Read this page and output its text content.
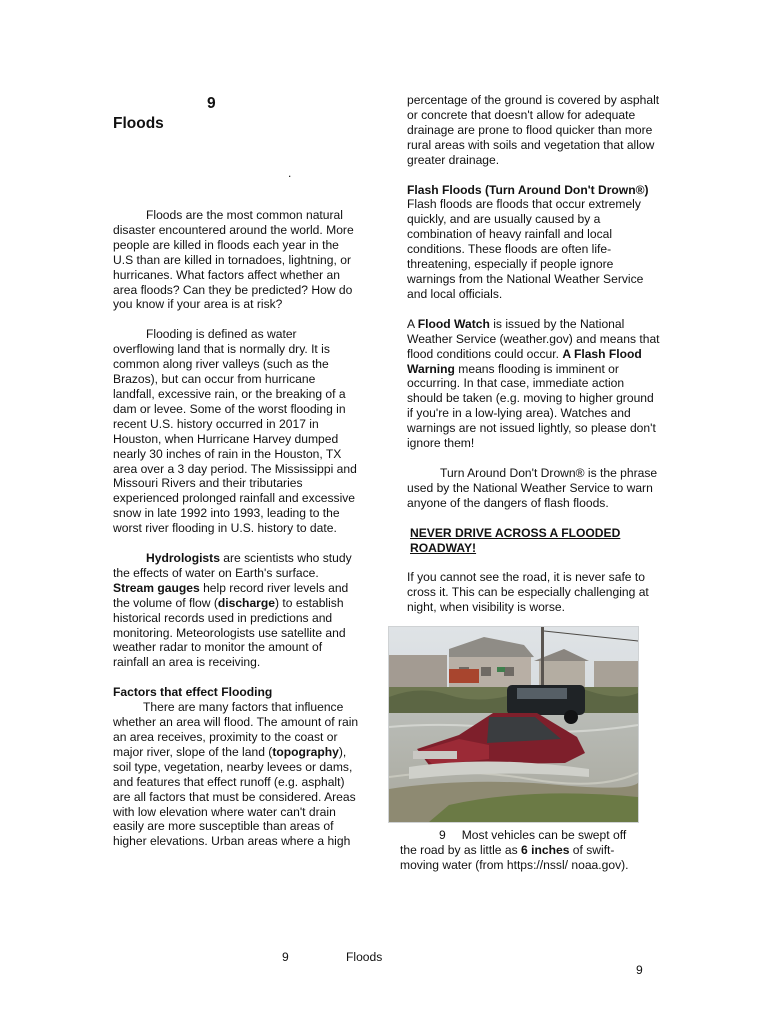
9
Floods
.

Floods are the most common natural disaster encountered around the world. More people are killed in floods each year in the U.S than are killed in tornadoes, lightning, or hurricanes. What factors affect whether an area floods? Can they be predicted? How do you know if your area is at risk?

Flooding is defined as water overflowing land that is normally dry. It is common along river valleys (such as the Brazos), but can occur from hurricane landfall, excessive rain, or the breaking of a dam or levee. Some of the worst flooding in recent U.S. history occurred in 2017 in Houston, when Hurricane Harvey dumped nearly 30 inches of rain in the Houston, TX area over a 3 day period. The Mississippi and Missouri Rivers and their tributaries experienced prolonged rainfall and excessive snow in late 1992 into 1993, leading to the worst river flooding in U.S. history to date.

Hydrologists are scientists who study the effects of water on Earth's surface. Stream gauges help record river levels and the volume of flow (discharge) to establish historical records used in predictions and monitoring. Meteorologists use satellite and weather radar to monitor the amount of rainfall an area is receiving.

Factors that effect Flooding

There are many factors that influence whether an area will flood. The amount of rain an area receives, proximity to the coast or major river, slope of the land (topography), soil type, vegetation, nearby levees or dams, and features that effect runoff (e.g. asphalt) are all factors that must be considered. Areas with low elevation where water can't drain easily are more susceptible than areas of higher elevations. Urban areas where a high

percentage of the ground is covered by asphalt or concrete that doesn't allow for adequate drainage are prone to flood quicker than more rural areas with soils and vegetation that allow greater drainage.

Flash Floods (Turn Around Don't Drown®)

Flash floods are floods that occur extremely quickly, and are usually caused by a combination of heavy rainfall and local conditions. These floods are often life-threatening, especially if people ignore warnings from the National Weather Service and local officials.

A Flood Watch is issued by the National Weather Service (weather.gov) and means that flood conditions could occur. A Flash Flood Warning means flooding is imminent or occurring. In that case, immediate action should be taken (e.g. moving to higher ground if you're in a low-lying area). Watches and warnings are not issued lightly, so please don't ignore them!

Turn Around Don't Drown® is the phrase used by the National Weather Service to warn anyone of the dangers of flash floods.

NEVER DRIVE ACROSS A FLOODED ROADWAY!

If you cannot see the road, it is never safe to cross it. This can be especially challenging at night, when visibility is worse.

9 Most vehicles can be swept off the road by as little as 6 inches of swift-moving water (from https://nssl/ noaa.gov).

9	Floods
9
